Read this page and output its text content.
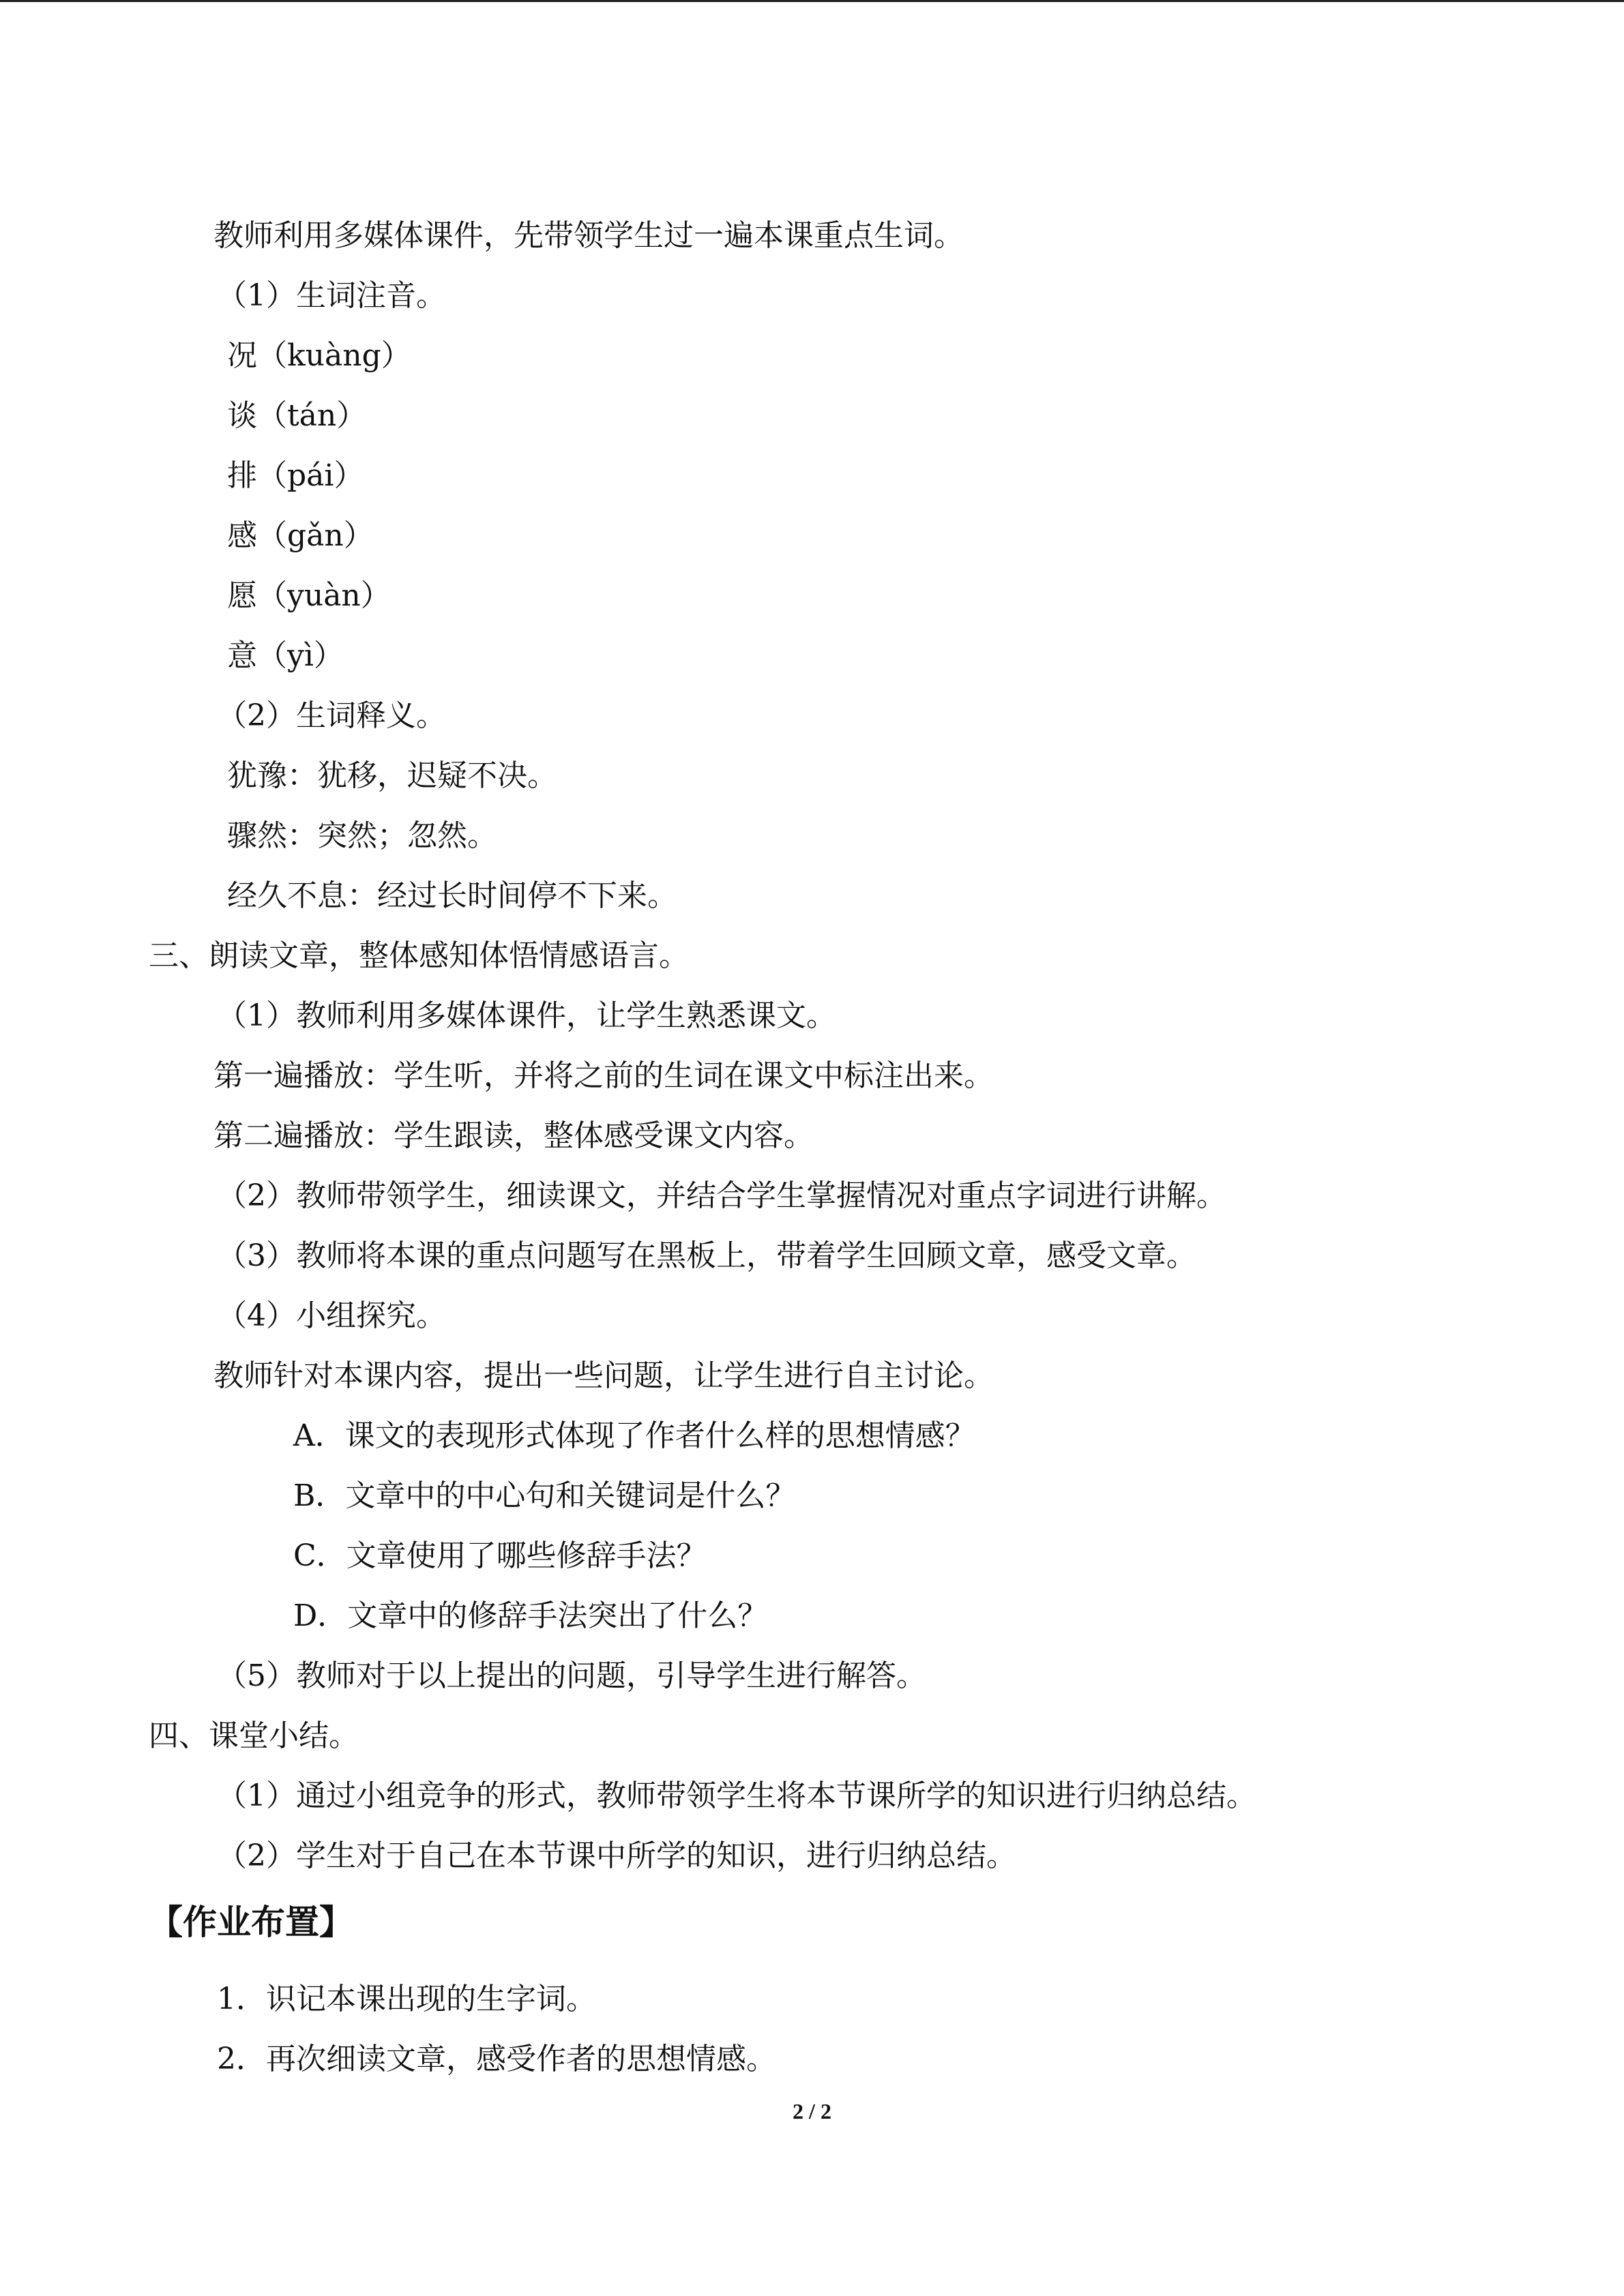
教师利用多媒体课件，先带领学生过一遍本课重点生词。
（1）生词注音。
况（kuàng）
谈（tán）
排（pái）
感（gǎn）
愿（yuàn）
意（yì）
（2）生词释义。
犹豫：犹移，迟疑不决。
骤然：突然；忽然。
经久不息：经过长时间停不下来。
三、朗读文章，整体感知体悟情感语言。
（1）教师利用多媒体课件，让学生熟悉课文。
第一遍播放：学生听，并将之前的生词在课文中标注出来。
第二遍播放：学生跟读，整体感受课文内容。
（2）教师带领学生，细读课文，并结合学生掌握情况对重点字词进行讲解。
（3）教师将本课的重点问题写在黑板上，带着学生回顾文章，感受文章。
（4）小组探究。
教师针对本课内容，提出一些问题，让学生进行自主讨论。
A．课文的表现形式体现了作者什么样的思想情感？
B．文章中的中心句和关键词是什么？
C．文章使用了哪些修辞手法？
D．文章中的修辞手法突出了什么？
（5）教师对于以上提出的问题，引导学生进行解答。
四、课堂小结。
（1）通过小组竞争的形式，教师带领学生将本节课所学的知识进行归纳总结。
（2）学生对于自己在本节课中所学的知识，进行归纳总结。
【作业布置】
1．识记本课出现的生字词。
2．再次细读文章，感受作者的思想情感。
2 / 2
